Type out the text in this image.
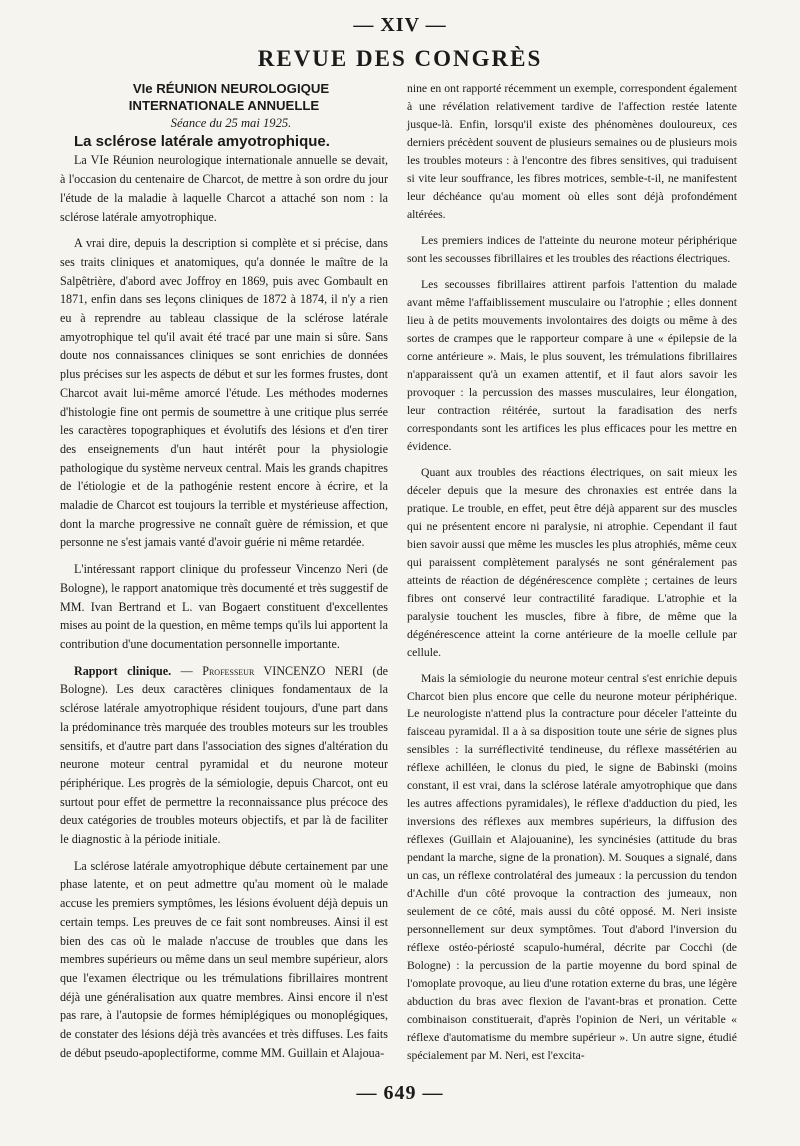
— XIV —
REVUE DES CONGRÈS

VIe RÉUNION NEUROLOGIQUE INTERNATIONALE ANNUELLE

Séance du 25 mai 1925.

La sclérose latérale amyotrophique.

La VIe Réunion neurologique internationale annuelle se devait, à l'occasion du centenaire de Charcot, de mettre à son ordre du jour l'étude de la maladie à laquelle Charcot a attaché son nom : la sclérose latérale amyotrophique.

A vrai dire, depuis la description si complète et si précise, dans ses traits cliniques et anatomiques, qu'a donnée le maître de la Salpêtrière, d'abord avec Joffroy en 1869, puis avec Gombault en 1871, enfin dans ses leçons cliniques de 1872 à 1874, il n'y a rien eu à reprendre au tableau classique de la sclérose latérale amyotrophique tel qu'il avait été tracé par une main si sûre. Sans doute nos connaissances cliniques se sont enrichies de données plus précises sur les aspects de début et sur les formes frustes, dont Charcot avait lui-même amorcé l'étude. Les méthodes modernes d'histologie fine ont permis de soumettre à une critique plus serrée les caractères topographiques et évolutifs des lésions et d'en tirer des enseignements d'un haut intérêt pour la physiologie pathologique du système nerveux central. Mais les grands chapitres de l'étiologie et de la pathogénie restent encore à écrire, et la maladie de Charcot est toujours la terrible et mystérieuse affection, dont la marche progressive ne connaît guère de rémission, et que personne ne s'est jamais vanté d'avoir guérie ni même retardée.

L'intéressant rapport clinique du professeur Vincenzo Neri (de Bologne), le rapport anatomique très documenté et très suggestif de MM. Ivan Bertrand et L. van Bogaert constituent d'excellentes mises au point de la question, en même temps qu'ils lui apportent la contribution d'une documentation personnelle importante.

Rapport clinique. — Professeur VINCENZO NERI (de Bologne). Les deux caractères cliniques fondamentaux de la sclérose latérale amyotrophique résident toujours, d'une part dans la prédominance très marquée des troubles moteurs sur les troubles sensitifs, et d'autre part dans l'association des signes d'altération du neurone moteur central pyramidal et du neurone moteur périphérique. Les progrès de la sémiologie, depuis Charcot, ont eu surtout pour effet de permettre la reconnaissance plus précoce des deux catégories de troubles moteurs objectifs, et par là de faciliter le diagnostic à la période initiale.

La sclérose latérale amyotrophique débute certainement par une phase latente, et on peut admettre qu'au moment où le malade accuse les premiers symptômes, les lésions évoluent déjà depuis un certain temps. Les preuves de ce fait sont nombreuses. Ainsi il est bien des cas où le malade n'accuse de troubles que dans les membres supérieurs ou même dans un seul membre supérieur, alors que l'examen électrique ou les trémulations fibrillaires montrent déjà une généralisation aux quatre membres. Ainsi encore il n'est pas rare, à l'autopsie de formes hémiplégiques ou monoplégiques, de constater des lésions déjà très avancées et très diffuses. Les faits de début pseudo-apoplectiforme, comme MM. Guillain et Alajoua-

nine en ont rapporté récemment un exemple, correspondent également à une révélation relativement tardive de l'affection restée latente jusque-là. Enfin, lorsqu'il existe des phénomènes douloureux, ces derniers précèdent souvent de plusieurs semaines ou de plusieurs mois les troubles moteurs : à l'encontre des fibres sensitives, qui traduisent si vite leur souffrance, les fibres motrices, semble-t-il, ne manifestent leur déchéance qu'au moment où elles sont déjà profondément altérées.

Les premiers indices de l'atteinte du neurone moteur périphérique sont les secousses fibrillaires et les troubles des réactions électriques.

Les secousses fibrillaires attirent parfois l'attention du malade avant même l'affaiblissement musculaire ou l'atrophie ; elles donnent lieu à de petits mouvements involontaires des doigts ou même à des sortes de crampes que le rapporteur compare à une « épilepsie de la corne antérieure ». Mais, le plus souvent, les trémulations fibrillaires n'apparaissent qu'à un examen attentif, et il faut alors savoir les provoquer : la percussion des masses musculaires, leur élongation, leur contraction réitérée, surtout la faradisation des nerfs correspondants sont les artifices les plus efficaces pour les mettre en évidence.

Quant aux troubles des réactions électriques, on sait mieux les déceler depuis que la mesure des chronaxies est entrée dans la pratique. Le trouble, en effet, peut être déjà apparent sur des muscles qui ne présentent encore ni paralysie, ni atrophie. Cependant il faut bien savoir aussi que même les muscles les plus atrophiés, même ceux qui paraissent complètement paralysés ne sont généralement pas atteints de réaction de dégénérescence complète ; certaines de leurs fibres ont conservé leur contractilité faradique. L'atrophie et la paralysie touchent les muscles, fibre à fibre, de même que la dégénérescence atteint la corne antérieure de la moelle cellule par cellule.

Mais la sémiologie du neurone moteur central s'est enrichie depuis Charcot bien plus encore que celle du neurone moteur périphérique. Le neurologiste n'attend plus la contracture pour déceler l'atteinte du faisceau pyramidal. Il a à sa disposition toute une série de signes plus sensibles : la surréflectivité tendineuse, du réflexe massétérien au réflexe achilléen, le clonus du pied, le signe de Babinski (moins constant, il est vrai, dans la sclérose latérale amyotrophique que dans les autres affections pyramidales), le réflexe d'adduction du pied, les inversions des réflexes aux membres supérieurs, la diffusion des réflexes (Guillain et Alajouanine), les syncinésies (attitude du bras pendant la marche, signe de la pronation). M. Souques a signalé, dans un cas, un réflexe controlatéral des jumeaux : la percussion du tendon d'Achille d'un côté provoque la contraction des jumeaux, non seulement de ce côté, mais aussi du côté opposé. M. Neri insiste personnellement sur deux symptômes. Tout d'abord l'inversion du réflexe ostéo-périosté scapulo-huméral, décrite par Cocchi (de Bologne) : la percussion de la partie moyenne du bord spinal de l'omoplate provoque, au lieu d'une rotation externe du bras, une légère abduction du bras avec flexion de l'avant-bras et pronation. Cette combinaison constituerait, d'après l'opinion de Neri, un véritable « réflexe d'automatisme du membre supérieur ». Un autre signe, étudié spécialement par M. Neri, est l'excita-

— 649 —
